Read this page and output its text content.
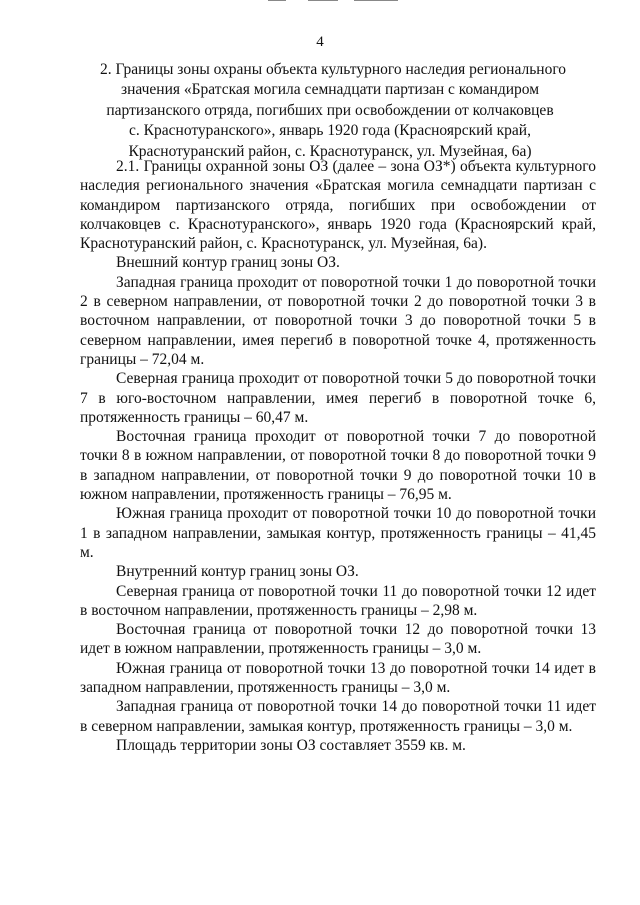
4
2. Границы зоны охраны объекта культурного наследия регионального
значения «Братская могила семнадцати партизан с командиром
партизанского отряда, погибших при освобождении от колчаковцев
с. Краснотуранского», январь 1920 года (Красноярский край,
Краснотуранский район, с. Краснотуранск, ул. Музейная, 6а)

2.1. Границы охранной зоны ОЗ (далее – зона ОЗ*) объекта культурного наследия регионального значения «Братская могила семнадцати партизан с командиром партизанского отряда, погибших при освобождении от колчаковцев с. Краснотуранского», январь 1920 года (Красноярский край, Краснотуранский район, с. Краснотуранск, ул. Музейная, 6а).

Внешний контур границ зоны ОЗ.

Западная граница проходит от поворотной точки 1 до поворотной точки 2 в северном направлении, от поворотной точки 2 до поворотной точки 3 в восточном направлении, от поворотной точки 3 до поворотной точки 5 в северном направлении, имея перегиб в поворотной точке 4, протяженность границы – 72,04 м.

Северная граница проходит от поворотной точки 5 до поворотной точки 7 в юго-восточном направлении, имея перегиб в поворотной точке 6, протяженность границы – 60,47 м.

Восточная граница проходит от поворотной точки 7 до поворотной точки 8 в южном направлении, от поворотной точки 8 до поворотной точки 9 в западном направлении, от поворотной точки 9 до поворотной точки 10 в южном направлении, протяженность границы – 76,95 м.

Южная граница проходит от поворотной точки 10 до поворотной точки 1 в западном направлении, замыкая контур, протяженность границы – 41,45 м.

Внутренний контур границ зоны ОЗ.

Северная граница от поворотной точки 11 до поворотной точки 12 идет в восточном направлении, протяженность границы – 2,98 м.

Восточная граница от поворотной точки 12 до поворотной точки 13 идет в южном направлении, протяженность границы – 3,0 м.

Южная граница от поворотной точки 13 до поворотной точки 14 идет в западном направлении, протяженность границы – 3,0 м.

Западная граница от поворотной точки 14 до поворотной точки 11 идет в северном направлении, замыкая контур, протяженность границы – 3,0 м.

Площадь территории зоны ОЗ составляет 3559 кв. м.
